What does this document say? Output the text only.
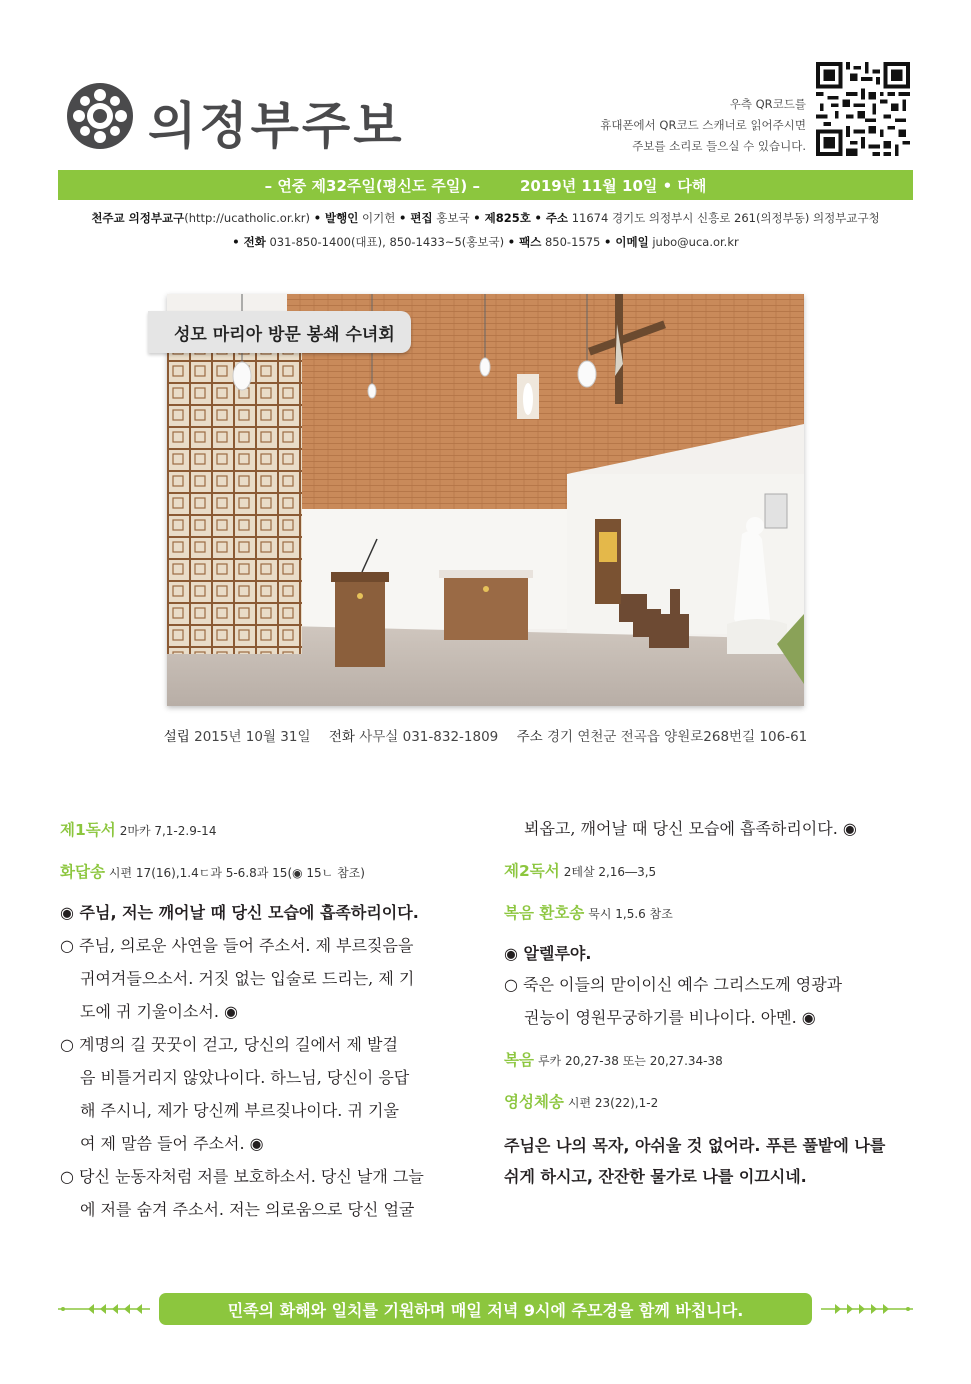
의정부주보	우측 QR코드를
휴대폰에서 QR코드 스캐너로 읽어주시면
주보를 소리로 들으실 수 있습니다.
– 연중 제32주일(평신도 주일) –	2019년 11월 10일 • 다해
천주교 의정부교구(http://ucatholic.or.kr) • 발행인 이기헌 • 편집 홍보국 • 제825호 • 주소 11674 경기도 의정부시 신흥로 261(의정부동) 의정부교구청
• 전화 031-850-1400(대표), 850-1433~5(홍보국) • 팩스 850-1575 • 이메일 jubo@uca.or.kr
성모 마리아 방문 봉쇄 수녀회
설립 2015년 10월 31일 전화 사무실 031-832-1809 주소 경기 연천군 전곡읍 양원로268번길 106-61
제1독서 2마카 7,1-2.9-14
화답송 시편 17(16),1.4ㄷ과 5-6.8과 15(◉ 15ㄴ 참조)
◉ 주님, 저는 깨어날 때 당신 모습에 흡족하리이다.
○ 주님, 의로운 사연을 들어 주소서. 제 부르짖음을
귀여겨들으소서. 거짓 없는 입술로 드리는, 제 기
도에 귀 기울이소서. ◉
○ 계명의 길 꿋꿋이 걷고, 당신의 길에서 제 발걸
음 비틀거리지 않았나이다. 하느님, 당신이 응답
해 주시니, 제가 당신께 부르짖나이다. 귀 기울
여 제 말씀 들어 주소서. ◉
○ 당신 눈동자처럼 저를 보호하소서. 당신 날개 그늘
에 저를 숨겨 주소서. 저는 의로움으로 당신 얼굴
뵈옵고, 깨어날 때 당신 모습에 흡족하리이다. ◉
제2독서 2테살 2,16―3,5
복음 환호송 묵시 1,5.6 참조
◉ 알렐루야.
○ 죽은 이들의 맏이이신 예수 그리스도께 영광과
권능이 영원무궁하기를 비나이다. 아멘. ◉
복음 루카 20,27-38 또는 20,27.34-38
영성체송 시편 23(22),1-2
주님은 나의 목자, 아쉬울 것 없어라. 푸른 풀밭에 나를
쉬게 하시고, 잔잔한 물가로 나를 이끄시네.
민족의 화해와 일치를 기원하며 매일 저녁 9시에 주모경을 함께 바칩니다.
